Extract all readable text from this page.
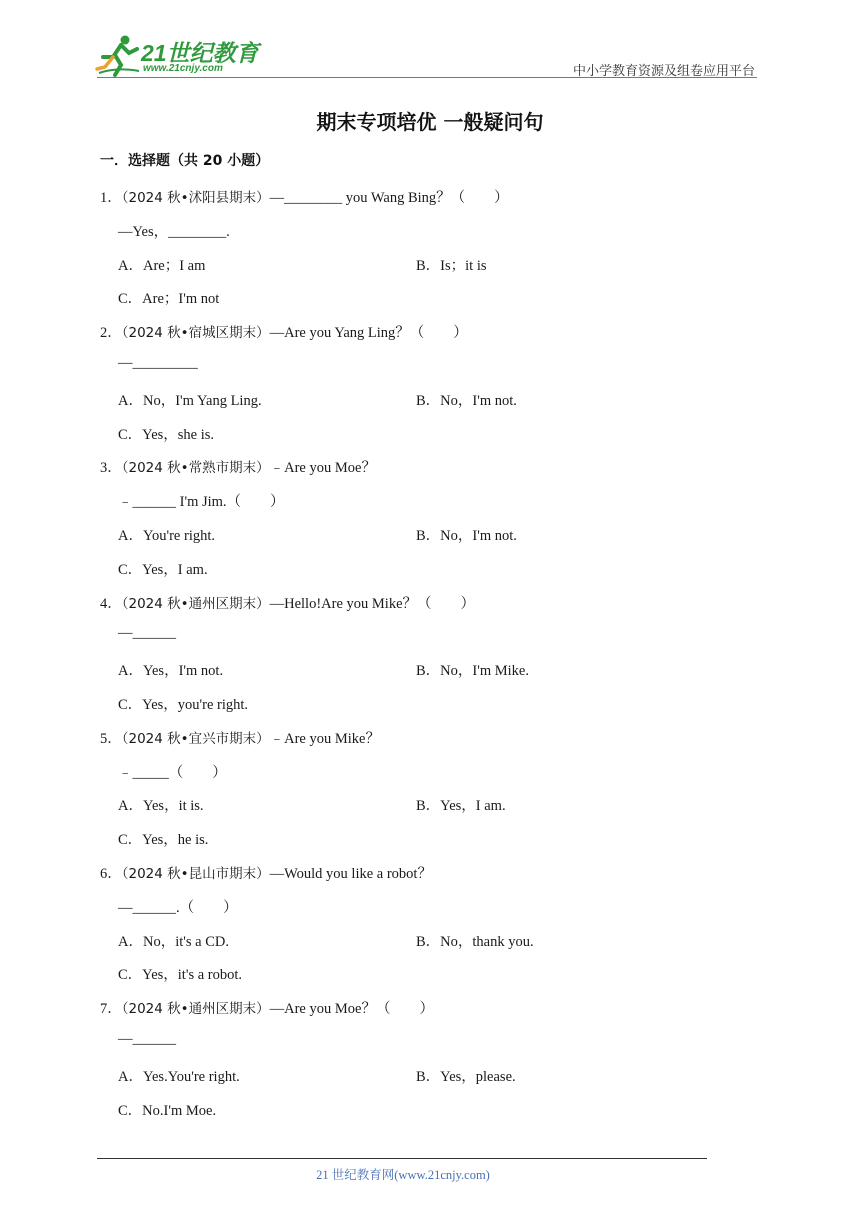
21世纪教育
www.21cnjy.com	中小学教育资源及组卷应用平台
期末专项培优 一般疑问句
一．选择题（共 20 小题）
1．（2024 秋•沭阳县期末）—________ you Wang Bing？（　　）
—Yes，________.
A．Are；I am	B．Is；it is
C．Are；I'm not
2．（2024 秋•宿城区期末）—Are you Yang Ling？（　　）
—_________
A．No，I'm Yang Ling.	B．No，I'm not.
C．Yes，she is.
3．（2024 秋•常熟市期末）﹣Are you Moe？
﹣______ I'm Jim.（　　）
A．You're right.	B．No，I'm not.
C．Yes，I am.
4．（2024 秋•通州区期末）—Hello!Are you Mike？（　　）
—______
A．Yes，I'm not.	B．No，I'm Mike.
C．Yes，you're right.
5．（2024 秋•宜兴市期末）﹣Are you Mike？
﹣_____（　　）
A．Yes，it is.	B．Yes，I am.
C．Yes，he is.
6．（2024 秋•昆山市期末）—Would you like a robot？
—______.（　　）
A．No，it's a CD.	B．No，thank you.
C．Yes，it's a robot.
7．（2024 秋•通州区期末）—Are you Moe？（　　）
—______
A．Yes.You're right.	B．Yes，please.
C．No.I'm Moe.
21 世纪教育网(www.21cnjy.com)
